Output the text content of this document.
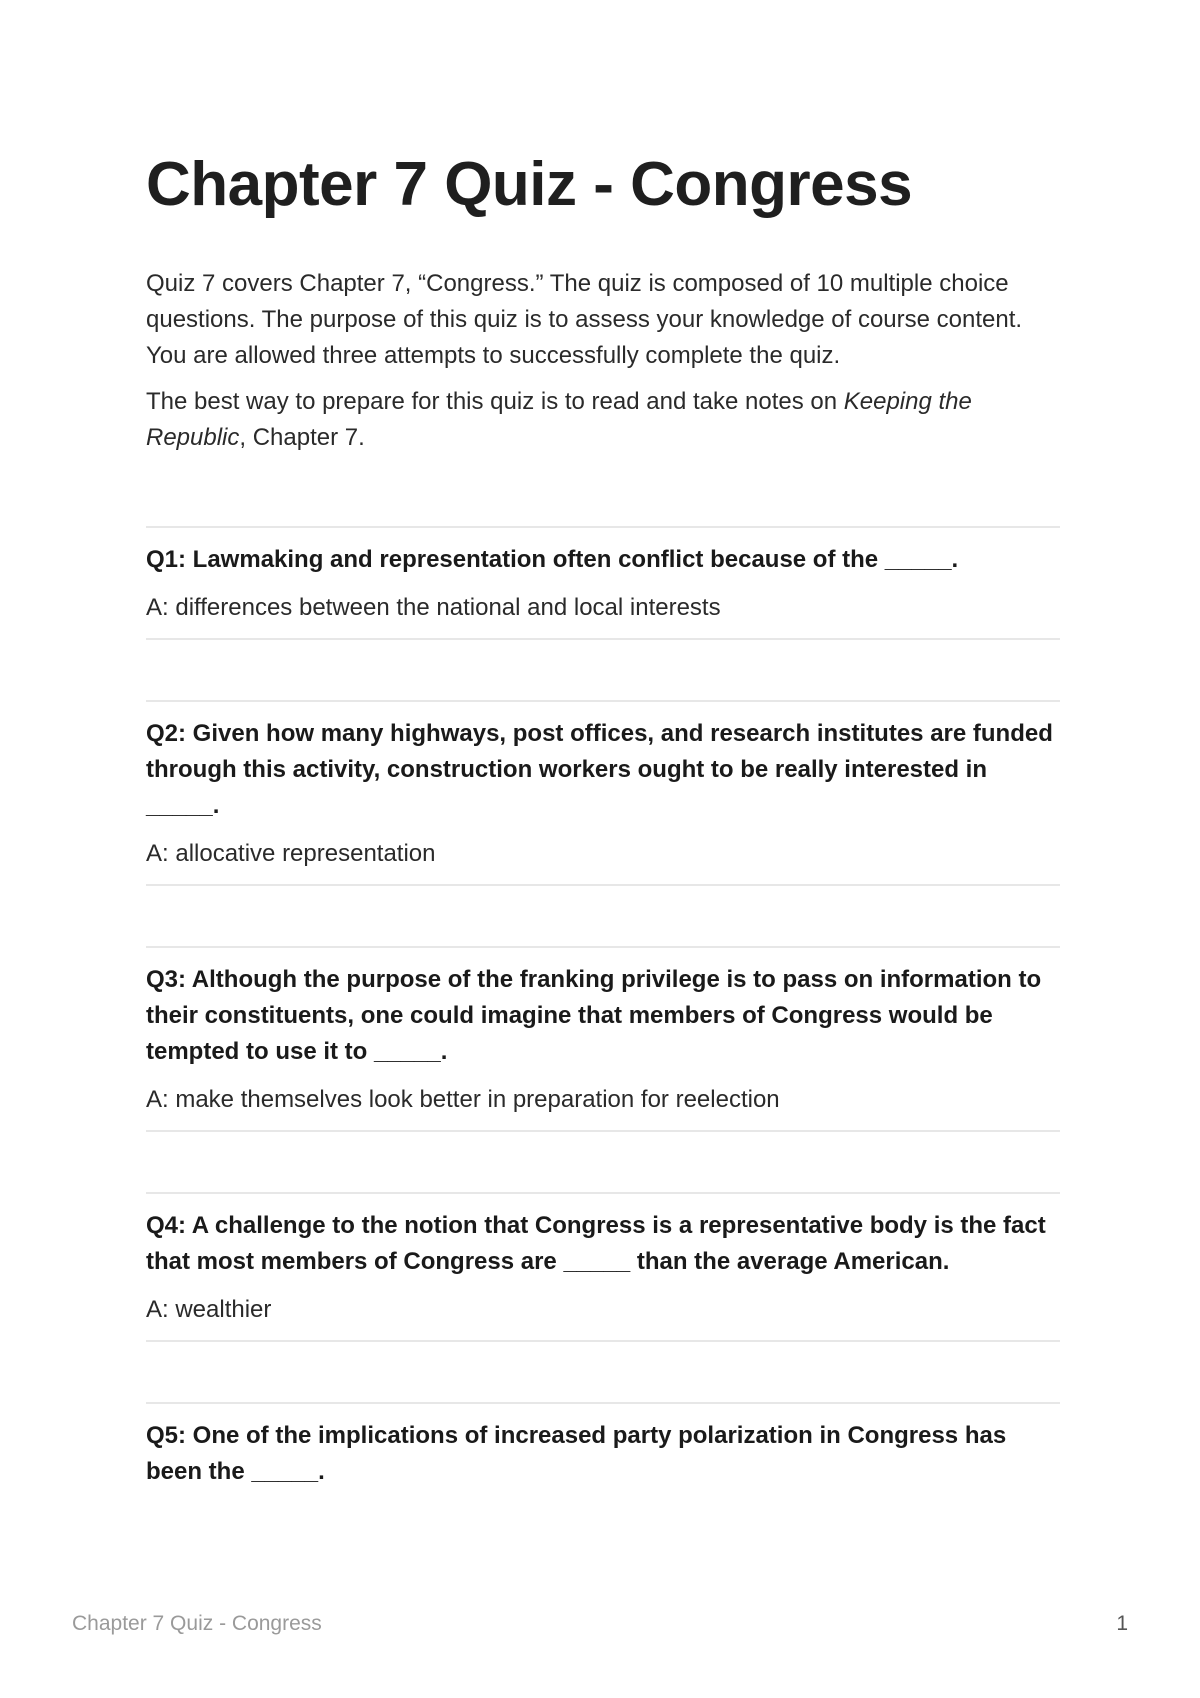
Chapter 7 Quiz - Congress

Quiz 7 covers Chapter 7, “Congress.” The quiz is composed of 10 multiple choice questions. The purpose of this quiz is to assess your knowledge of course content. You are allowed three attempts to successfully complete the quiz.

The best way to prepare for this quiz is to read and take notes on Keeping the Republic, Chapter 7.

Q1: Lawmaking and representation often conflict because of the _____.

A: differences between the national and local interests

Q2: Given how many highways, post offices, and research institutes are funded through this activity, construction workers ought to be really interested in _____.

A: allocative representation

Q3: Although the purpose of the franking privilege is to pass on information to their constituents, one could imagine that members of Congress would be tempted to use it to _____.

A: make themselves look better in preparation for reelection

Q4: A challenge to the notion that Congress is a representative body is the fact that most members of Congress are _____ than the average American.

A: wealthier

Q5: One of the implications of increased party polarization in Congress has been the _____.

Chapter 7 Quiz - Congress	1
